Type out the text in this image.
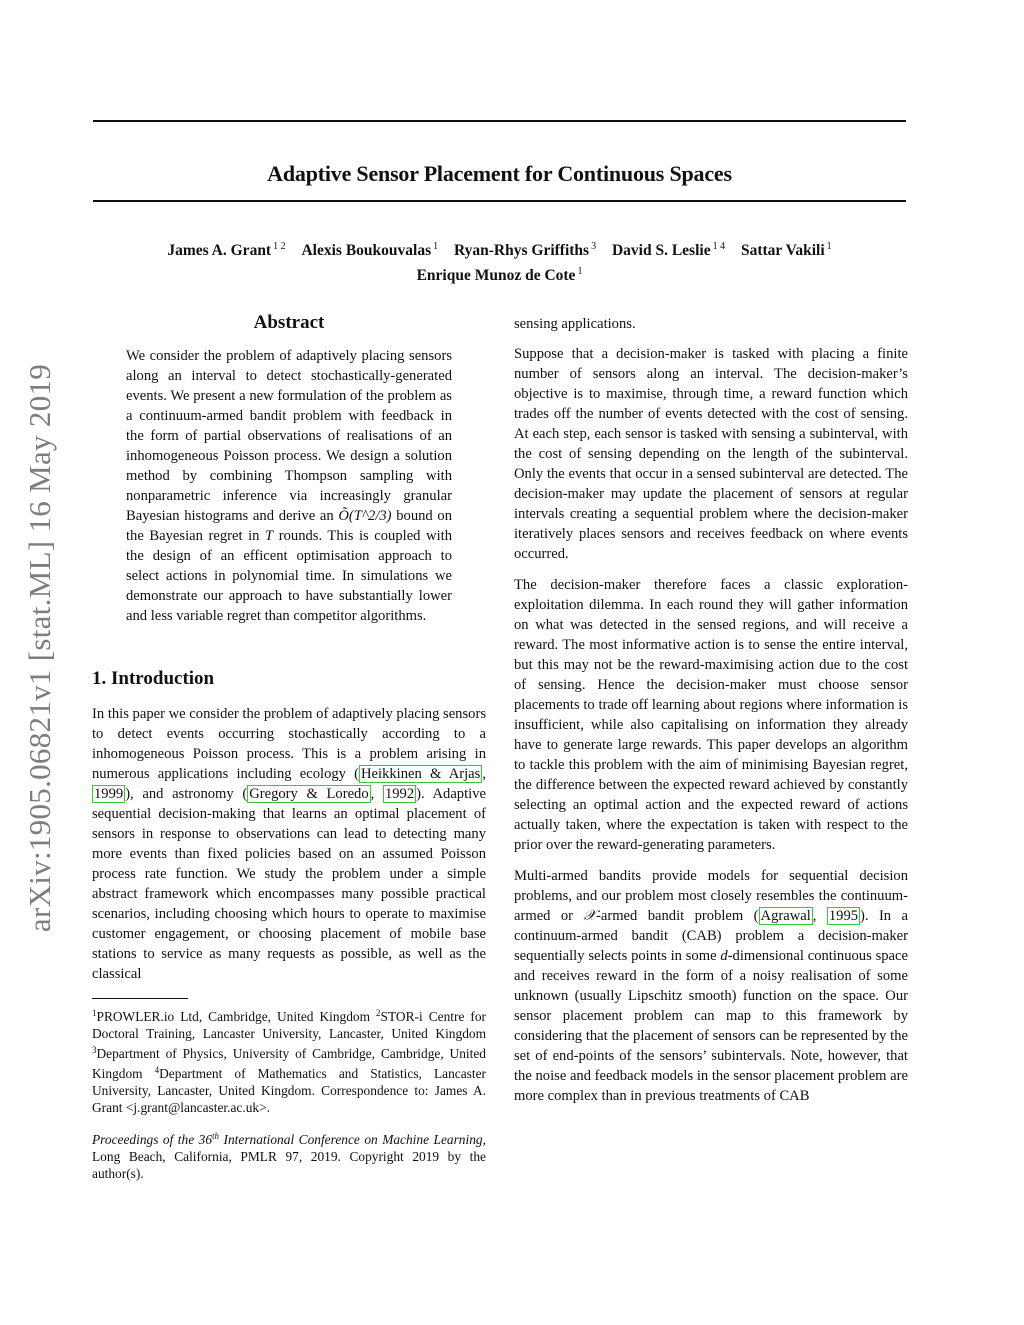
Adaptive Sensor Placement for Continuous Spaces
James A. Grant $^{1 2}$ Alexis Boukouvalas $^1$ Ryan-Rhys Griffiths $^3$ David S. Leslie $^{1 4}$ Sattar Vakili $^1$
Enrique Munoz de Cote $^1$
arXiv:1905.06821v1 [stat.ML] 16 May 2019
Abstract
We consider the problem of adaptively placing sensors along an interval to detect stochastically-generated events. We present a new formulation of the problem as a continuum-armed bandit problem with feedback in the form of partial observations of realisations of an inhomogeneous Poisson process. We design a solution method by combining Thompson sampling with nonparametric inference via increasingly granular Bayesian histograms and derive an Õ(T^2/3) bound on the Bayesian regret in T rounds. This is coupled with the design of an efficent optimisation approach to select actions in polynomial time. In simulations we demonstrate our approach to have substantially lower and less variable regret than competitor algorithms.
1. Introduction

In this paper we consider the problem of adaptively placing sensors to detect events occurring stochastically according to a inhomogeneous Poisson process. This is a problem arising in numerous applications including ecology ( Heikkinen & Arjas , 1999 ), and astronomy ( Gregory & Loredo , 1992 ). Adaptive sequential decision-making that learns an optimal placement of sensors in response to observations can lead to detecting many more events than fixed policies based on an assumed Poisson process rate function. We study the problem under a simple abstract framework which encompasses many possible practical scenarios, including choosing which hours to operate to maximise customer engagement, or choosing placement of mobile base stations to service as many requests as possible, as well as the classical

$^1$PROWLER.io Ltd, Cambridge, United Kingdom $^2$STOR-i Centre for Doctoral Training, Lancaster University, Lancaster, United Kingdom $^3$Department of Physics, University of Cambridge, Cambridge, United Kingdom $^4$Department of Mathematics and Statistics, Lancaster University, Lancaster, United Kingdom. Correspondence to: James A. Grant <j.grant@lancaster.ac.uk>.

Proceedings of the 36th International Conference on Machine Learning, Long Beach, California, PMLR 97, 2019. Copyright 2019 by the author(s).

sensing applications.

Suppose that a decision-maker is tasked with placing a finite number of sensors along an interval. The decision-maker’s objective is to maximise, through time, a reward function which trades off the number of events detected with the cost of sensing. At each step, each sensor is tasked with sensing a subinterval, with the cost of sensing depending on the length of the subinterval. Only the events that occur in a sensed subinterval are detected. The decision-maker may update the placement of sensors at regular intervals creating a sequential problem where the decision-maker iteratively places sensors and receives feedback on where events occurred.

The decision-maker therefore faces a classic exploration-exploitation dilemma. In each round they will gather information on what was detected in the sensed regions, and will receive a reward. The most informative action is to sense the entire interval, but this may not be the reward-maximising action due to the cost of sensing. Hence the decision-maker must choose sensor placements to trade off learning about regions where information is insufficient, while also capitalising on information they already have to generate large rewards. This paper develops an algorithm to tackle this problem with the aim of minimising Bayesian regret, the difference between the expected reward achieved by constantly selecting an optimal action and the expected reward of actions actually taken, where the expectation is taken with respect to the prior over the reward-generating parameters.

Multi-armed bandits provide models for sequential decision problems, and our problem most closely resembles the continuum-armed or 𝒳-armed bandit problem ( Agrawal , 1995 ). In a continuum-armed bandit (CAB) problem a decision-maker sequentially selects points in some d-dimensional continuous space and receives reward in the form of a noisy realisation of some unknown (usually Lipschitz smooth) function on the space. Our sensor placement problem can map to this framework by considering that the placement of sensors can be represented by the set of end-points of the sensors’ subintervals. Note, however, that the noise and feedback models in the sensor placement problem are more complex than in previous treatments of CAB
